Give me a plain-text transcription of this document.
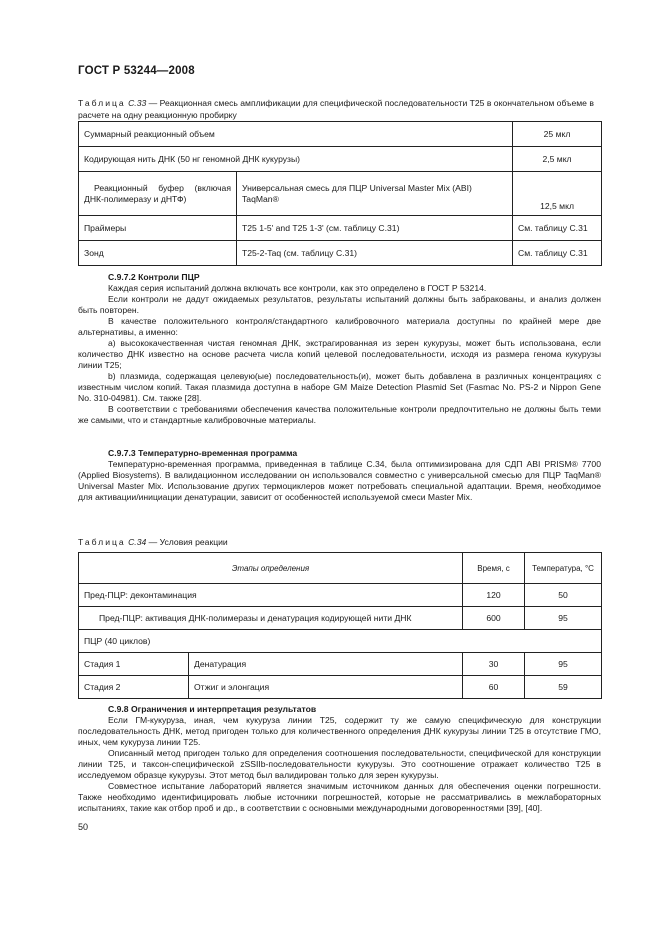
ГОСТ Р 53244—2008
Таблица С.33 — Реакционная смесь амплификации для специфической последовательности Т25 в окончательном объеме в расчете на одну реакционную пробирку
Суммарный реакционный объем		25 мкл
Кодирующая нить ДНК (50 нг геномной ДНК кукурузы)		2,5 мкл
Реакционный буфер (включая ДНК-полимеразу и дНТФ)	Универсальная смесь для ПЦР Universal Master Mix (ABI) TaqMan®	12,5 мкл
Праймеры	Т25 1-5' and Т25 1-3' (см. таблицу С.31)	См. таблицу С.31
Зонд	Т25-2-Taq (см. таблицу С.31)	См. таблицу С.31
С.9.7.2 Контроли ПЦР
Каждая серия испытаний должна включать все контроли, как это определено в ГОСТ Р 53214.
Если контроли не дадут ожидаемых результатов, результаты испытаний должны быть забракованы, и анализ должен быть повторен.
В качестве положительного контроля/стандартного калибровочного материала доступны по крайней мере две альтернативы, а именно:
а) высококачественная чистая геномная ДНК, экстрагированная из зерен кукурузы, может быть использована, если количество ДНК известно на основе расчета числа копий целевой последовательности, исходя из размера генома кукурузы линии Т25;
b) плазмида, содержащая целевую(ые) последовательность(и), может быть добавлена в различных концентрациях с известным числом копий. Такая плазмида доступна в наборе GM Maize Detection Plasmid Set (Fasmac No. PS-2 и Nippon Gene No. 310-04981). См. также [28].
В соответствии с требованиями обеспечения качества положительные контроли предпочтительно не должны быть теми же самыми, что и стандартные калибровочные материалы.
С.9.7.3 Температурно-временная программа
Температурно-временная программа, приведенная в таблице С.34, была оптимизирована для СДП ABI PRISM® 7700 (Applied Biosystems). В валидационном исследовании он использовался совместно с универсальной смесью для ПЦР TaqMan® Universal Master Mix. Использование других термоциклеров может потребовать специальной адаптации. Время, необходимое для активации/инициации денатурации, зависит от особенностей используемой смеси Master Mix.
Таблица С.34 — Условия реакции
Этапы определения		Время, с	Температура, °С
Пред-ПЦР: деконтаминация		120	50
Пред-ПЦР: активация ДНК-полимеразы и денатурация кодирующей нити ДНК		600	95
ПЦР (40 циклов)			
Стадия 1	Денатурация	30	95
Стадия 2	Отжиг и элонгация	60	59
С.9.8 Ограничения и интерпретация результатов
Если ГМ-кукуруза, иная, чем кукуруза линии Т25, содержит ту же самую специфическую для конструкции последовательность ДНК, метод пригоден только для количественного определения ДНК кукурузы линии Т25 в отсутствие ГМО, иных, чем кукуруза линии Т25.
Описанный метод пригоден только для определения соотношения последовательности, специфической для конструкции линии Т25, и таксон-специфической zSSIIb-последовательности кукурузы. Это соотношение отражает количество Т25 в исследуемом образце кукурузы. Этот метод был валидирован только для зерен кукурузы.
Совместное испытание лабораторий является значимым источником данных для обеспечения оценки погрешности. Также необходимо идентифицировать любые источники погрешностей, которые не рассматривались в межлабораторных испытаниях, такие как отбор проб и др., в соответствии с основными международными договоренностями [39], [40].
50
